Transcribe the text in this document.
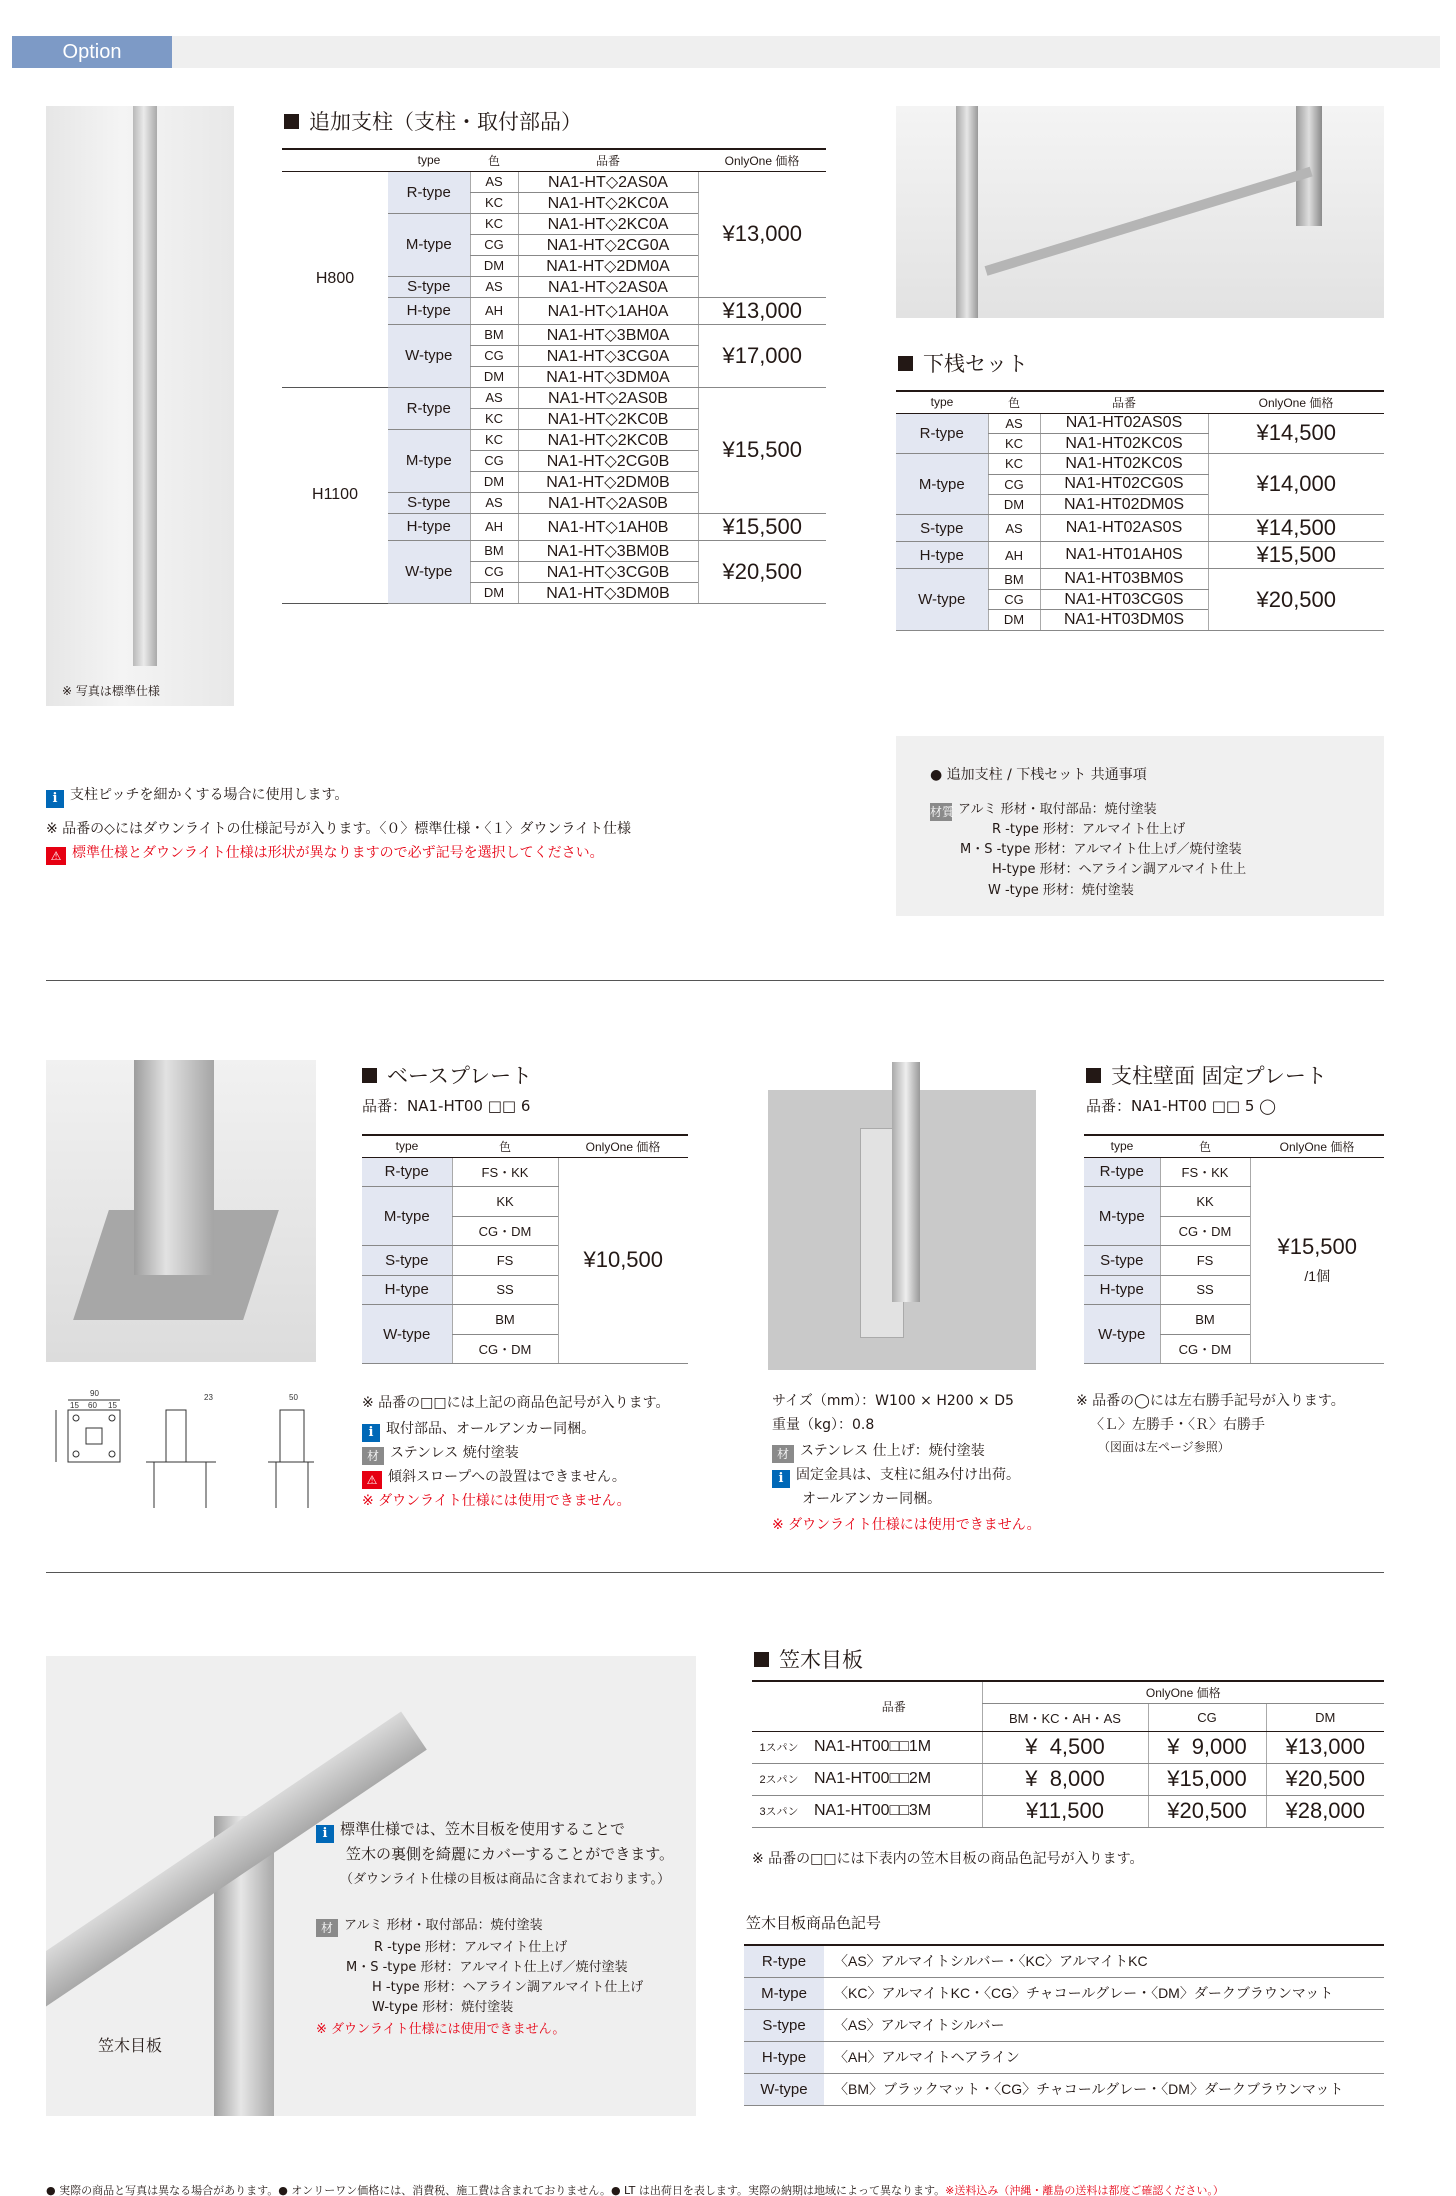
Option
※ 写真は標準仕様
追加支柱（支柱・取付部品）
	type	色	品番	OnlyOne 価格
H800	R-type	AS	NA1-HT◇2AS0A	¥13,000
		KC	NA1-HT◇2KC0A	
	M-type	KC	NA1-HT◇2KC0A	
		CG	NA1-HT◇2CG0A	
		DM	NA1-HT◇2DM0A	
	S-type	AS	NA1-HT◇2AS0A	
	H-type	AH	NA1-HT◇1AH0A	¥13,000
	W-type	BM	NA1-HT◇3BM0A	¥17,000
		CG	NA1-HT◇3CG0A	
		DM	NA1-HT◇3DM0A	
H1100	R-type	AS	NA1-HT◇2AS0B	¥15,500
		KC	NA1-HT◇2KC0B	
	M-type	KC	NA1-HT◇2KC0B	
		CG	NA1-HT◇2CG0B	
		DM	NA1-HT◇2DM0B	
	S-type	AS	NA1-HT◇2AS0B	
	H-type	AH	NA1-HT◇1AH0B	¥15,500
	W-type	BM	NA1-HT◇3BM0B	¥20,500
		CG	NA1-HT◇3CG0B	
		DM	NA1-HT◇3DM0B	
i 支柱ピッチを細かくする場合に使用します。
※ 品番の◇にはダウンライトの仕様記号が入ります。〈０〉標準仕様・〈１〉ダウンライト仕様
⚠ 標準仕様とダウンライト仕様は形状が異なりますので必ず記号を選択してください。
下桟セット
type	色	品番	OnlyOne 価格
R-type	AS	NA1-HT02AS0S	¥14,500
	KC	NA1-HT02KC0S	
M-type	KC	NA1-HT02KC0S	¥14,000
	CG	NA1-HT02CG0S	
	DM	NA1-HT02DM0S	
S-type	AS	NA1-HT02AS0S	¥14,500
H-type	AH	NA1-HT01AH0S	¥15,500
W-type	BM	NA1-HT03BM0S	¥20,500
	CG	NA1-HT03CG0S	
	DM	NA1-HT03DM0S	
● 追加支柱 / 下桟セット 共通事項
材質 アルミ 形材・取付部品：焼付塗装
R -type 形材：アルマイト仕上げ
M・S -type 形材：アルマイト仕上げ／焼付塗装
H-type 形材：ヘアライン調アルマイト仕上
W -type 形材：焼付塗装
ベースプレート
品番：NA1-HT00 □□ 6
type	色	OnlyOne 価格
R-type	FS・KK	¥10,500

M-type	KK	
	CG・DM	
S-type	FS	
H-type	SS	
W-type	BM	
	CG・DM	
90
15 60 15
23	50	※ 品番の□□には上記の商品色記号が入ります。
i 取付部品、オールアンカー同梱。
材 ステンレス 焼付塗装
⚠ 傾斜スロープへの設置はできません。
※ ダウンライト仕様には使用できません。
支柱壁面 固定プレート
品番：NA1-HT00 □□ 5 ◯
type	色	OnlyOne 価格
R-type	FS・KK	¥15,500
/1個

M-type	KK	
	CG・DM	
S-type	FS	
H-type	SS	
W-type	BM	
	CG・DM	
サイズ（mm）：W100 × H200 × D5
重量（kg）：0.8
材 ステンレス 仕上げ：焼付塗装
i 固定金具は、支柱に組み付け出荷。
オールアンカー同梱。
※ ダウンライト仕様には使用できません。
※ 品番の◯には左右勝手記号が入ります。
〈Ｌ〉左勝手・〈Ｒ〉右勝手
（図面は左ページ参照）
笠木目板
i 標準仕様では、笠木目板を使用することで
笠木の裏側を綺麗にカバーすることができます。
（ダウンライト仕様の目板は商品に含まれております。）
材 アルミ 形材・取付部品：焼付塗装
R -type 形材：アルマイト仕上げ
M・S -type 形材：アルマイト仕上げ／焼付塗装
H -type 形材：ヘアライン調アルマイト仕上げ
W-type 形材：焼付塗装
※ ダウンライト仕様には使用できません。
笠木目板
	品番	OnlyOne 価格		
		BM・KC・AH・AS	CG	DM
1スパン	NA1-HT00□□1M	¥  4,500	¥  9,000	¥13,000
2スパン	NA1-HT00□□2M	¥  8,000	¥15,000	¥20,500
3スパン	NA1-HT00□□3M	¥11,500	¥20,500	¥28,000
※ 品番の□□には下表内の笠木目板の商品色記号が入ります。
笠木目板商品色記号
R-type	〈AS〉アルマイトシルバー・〈KC〉アルマイトKC
M-type	〈KC〉アルマイトKC・〈CG〉チャコールグレー・〈DM〉ダークブラウンマット
S-type	〈AS〉アルマイトシルバー
H-type	〈AH〉アルマイトヘアライン
W-type	〈BM〉ブラックマット・〈CG〉チャコールグレー・〈DM〉ダークブラウンマット
● 実際の商品と写真は異なる場合があります。● オンリーワン価格には、消費税、施工費は含まれておりません。● LT は出荷日を表します。実際の納期は地域によって異なります。※送料込み（沖縄・離島の送料は都度ご確認ください。）
